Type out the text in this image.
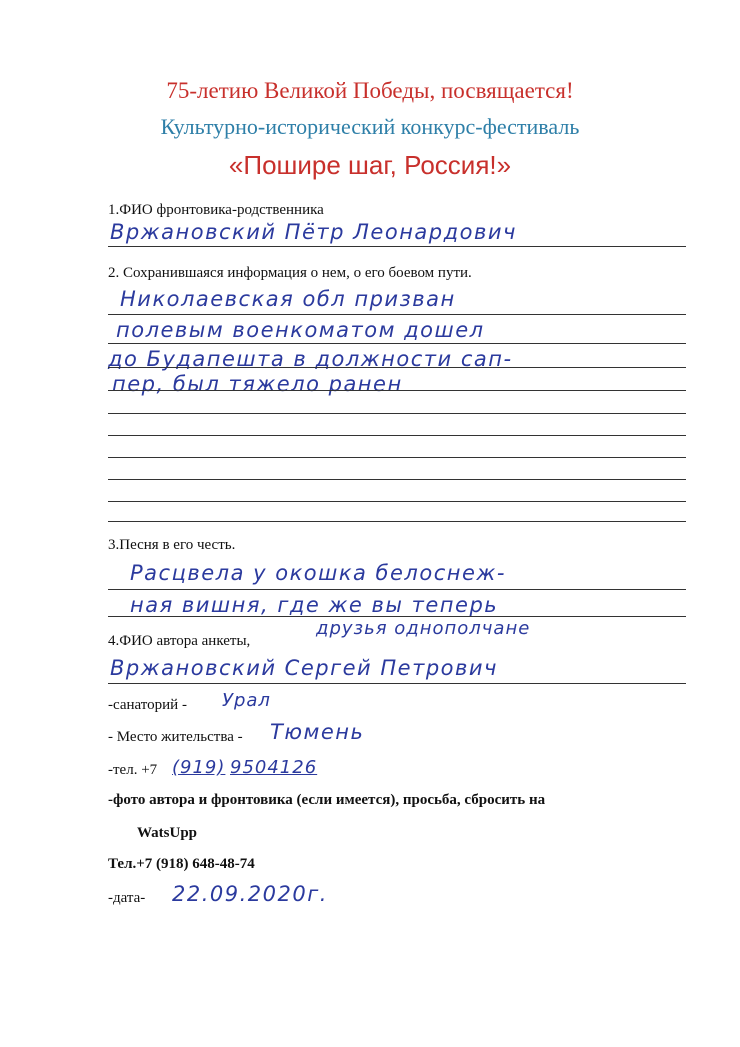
75-летию Великой Победы, посвящается!
Культурно-исторический конкурс-фестиваль
«Пошире шаг, Россия!»
1.ФИО фронтовика-родственника
Вржановский Пётр Леонардович
2. Сохранившаяся информация о нем, о его боевом пути.
Николаевская обл призван
полевым военкоматом дошел
до Будапешта в должности сап-
пер, был тяжело ранен
3.Песня в его честь.
Расцвела у окошка белоснеж-
ная вишня, где же вы теперь
друзья однополчане
4.ФИО автора анкеты,
Вржановский Сергей Петрович
-санаторий - Урал
- Место жительства - Тюмень
-тел. +7 (919) 9504126
-фото автора и фронтовика (если имеется), просьба, сбросить на
WatsUpp
Тел.+7 (918) 648-48-74
-дата- 22.09.2020г.
